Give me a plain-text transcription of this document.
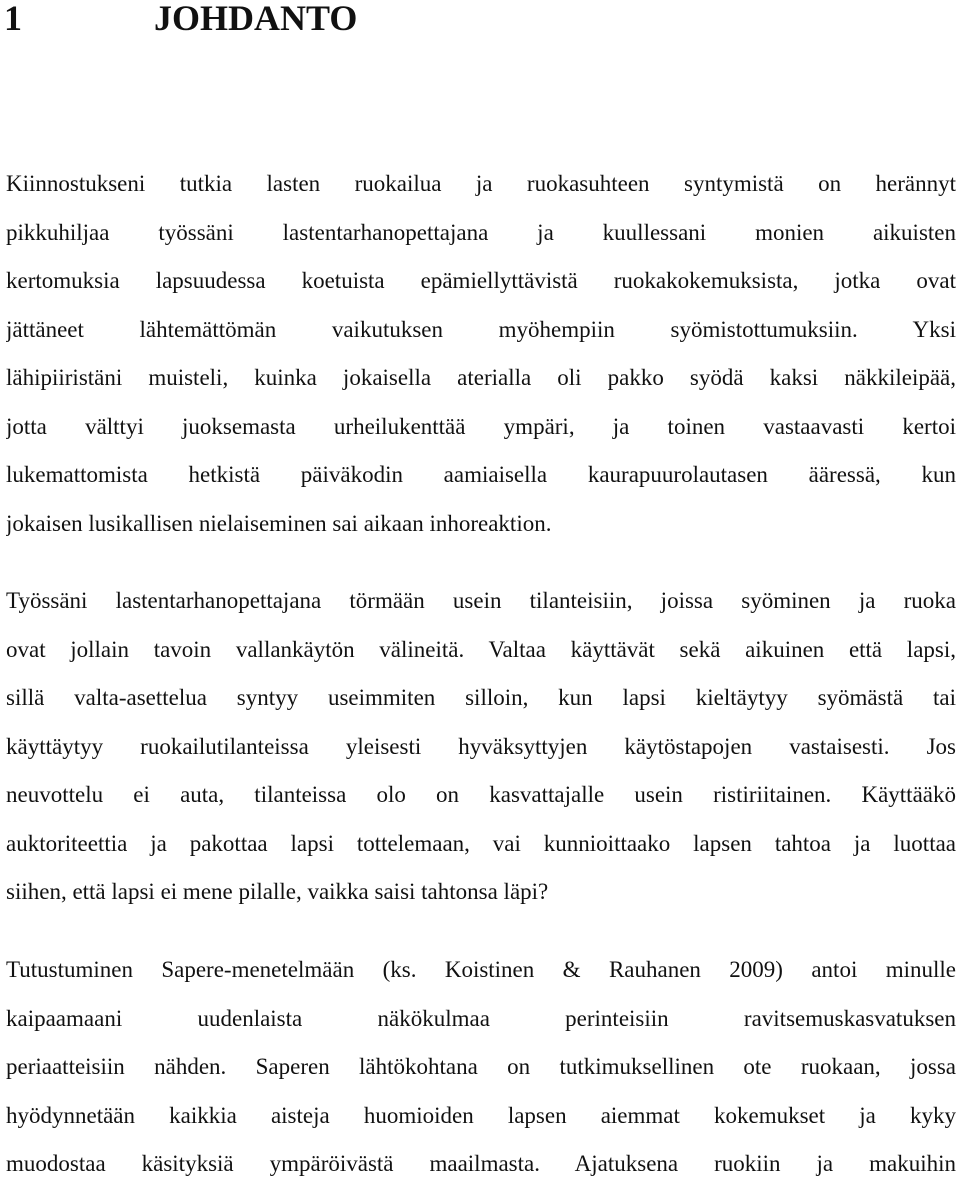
1	JOHDANTO
Kiinnostukseni tutkia lasten ruokailua ja ruokasuhteen syntymistä on herännyt
pikkuhiljaa työssäni lastentarhanopettajana ja kuullessani monien aikuisten
kertomuksia lapsuudessa koetuista epämiellyttävistä ruokakokemuksista, jotka ovat
jättäneet lähtemättömän vaikutuksen myöhempiin syömistottumuksiin. Yksi
lähipiiristäni muisteli, kuinka jokaisella aterialla oli pakko syödä kaksi näkkileipää,
jotta välttyi juoksemasta urheilukenttää ympäri, ja toinen vastaavasti kertoi
lukemattomista hetkistä päiväkodin aamiaisella kaurapuurolautasen ääressä, kun
jokaisen lusikallisen nielaiseminen sai aikaan inhoreaktion.
Työssäni lastentarhanopettajana törmään usein tilanteisiin, joissa syöminen ja ruoka
ovat jollain tavoin vallankäytön välineitä. Valtaa käyttävät sekä aikuinen että lapsi,
sillä valta-asettelua syntyy useimmiten silloin, kun lapsi kieltäytyy syömästä tai
käyttäytyy ruokailutilanteissa yleisesti hyväksyttyjen käytöstapojen vastaisesti. Jos
neuvottelu ei auta, tilanteissa olo on kasvattajalle usein ristiriitainen. Käyttääkö
auktoriteettia ja pakottaa lapsi tottelemaan, vai kunnioittaako lapsen tahtoa ja luottaa
siihen, että lapsi ei mene pilalle, vaikka saisi tahtonsa läpi?
Tutustuminen Sapere-menetelmään (ks. Koistinen & Rauhanen 2009) antoi minulle
kaipaamaani uudenlaista näkökulmaa perinteisiin ravitsemuskasvatuksen
periaatteisiin nähden. Saperen lähtökohtana on tutkimuksellinen ote ruokaan, jossa
hyödynnetään kaikkia aisteja huomioiden lapsen aiemmat kokemukset ja kyky
muodostaa käsityksiä ympäröivästä maailmasta. Ajatuksena ruokiin ja makuihin
